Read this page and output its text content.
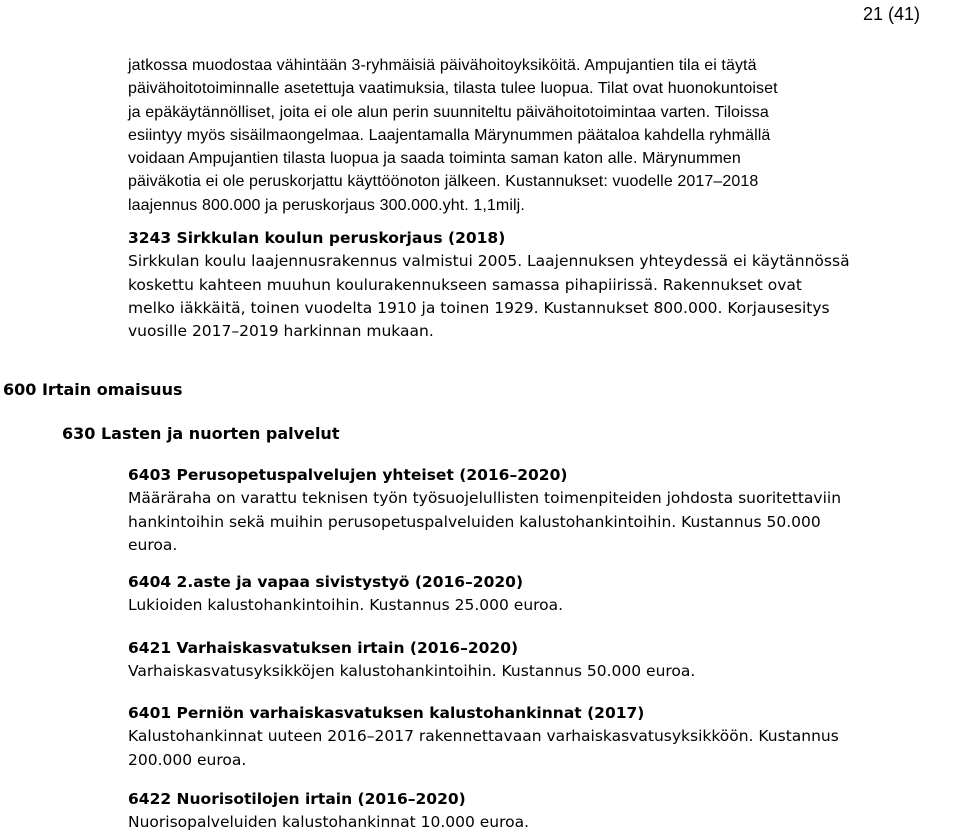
21 (41)

jatkossa muodostaa vähintään 3-ryhmäisiä päivähoitoyksiköitä. Ampujantien tila ei täytä
päivähoitotoiminnalle asetettuja vaatimuksia, tilasta tulee luopua. Tilat ovat huonokuntoiset
ja epäkäytännölliset, joita ei ole alun perin suunniteltu päivähoitotoimintaa varten. Tiloissa
esiintyy myös sisäilmaongelmaa. Laajentamalla Märynummen päätaloa kahdella ryhmällä
voidaan Ampujantien tilasta luopua ja saada toiminta saman katon alle. Märynummen
päiväkotia ei ole peruskorjattu käyttöönoton jälkeen. Kustannukset: vuodelle 2017–2018
laajennus 800.000 ja peruskorjaus 300.000.yht. 1,1milj.

3243 Sirkkulan koulun peruskorjaus (2018)
Sirkkulan koulu laajennusrakennus valmistui 2005. Laajennuksen yhteydessä ei käytännössä
koskettu kahteen muuhun koulurakennukseen samassa pihapiirissä. Rakennukset ovat
melko iäkkäitä, toinen vuodelta 1910 ja toinen 1929. Kustannukset 800.000. Korjausesitys
vuosille 2017–2019 harkinnan mukaan.
600 Irtain omaisuus
630 Lasten ja nuorten palvelut
6403 Perusopetuspalvelujen yhteiset (2016–2020)
Määräraha on varattu teknisen työn työsuojelullisten toimenpiteiden johdosta suoritettaviin
hankintoihin sekä muihin perusopetuspalveluiden kalustohankintoihin. Kustannus 50.000
euroa.
6404 2.aste ja vapaa sivistystyö (2016–2020)
Lukioiden kalustohankintoihin. Kustannus 25.000 euroa.
6421 Varhaiskasvatuksen irtain (2016–2020)
Varhaiskasvatusyksikköjen kalustohankintoihin. Kustannus 50.000 euroa.
6401 Perniön varhaiskasvatuksen kalustohankinnat (2017)
Kalustohankinnat uuteen 2016–2017 rakennettavaan varhaiskasvatusyksikköön. Kustannus
200.000 euroa.
6422 Nuorisotilojen irtain (2016–2020)
Nuorisopalveluiden kalustohankinnat 10.000 euroa.
